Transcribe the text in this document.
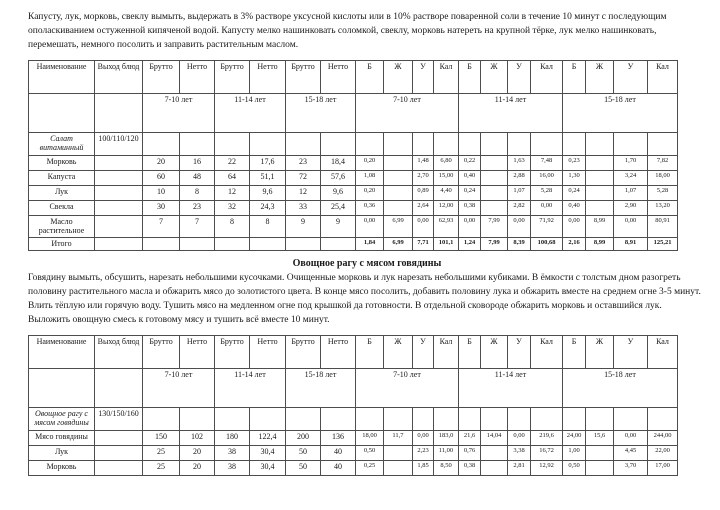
Капусту, лук, морковь, свеклу вымыть, выдержать в 3% растворе уксусной кислоты или в 10% растворе поваренной соли в течение 10 минут с последующим ополаскиванием остуженной кипяченой водой. Капусту мелко нашинковать соломкой, свеклу, морковь натереть на крупной тёрке, лук мелко нашинковать, перемешать, немного посолить и заправить растительным маслом.

Наименование	Выход блюд	Брутто	Нетто	Брутто	Нетто	Брутто	Нетто	Б	Ж	У	Кал	Б	Ж	У	Кал	Б	Ж	У	Кал
		7-10 лет		11-14 лет		15-18 лет		7-10 лет				11-14 лет				15-18 лет			
Салат витаминный	100/110/120																		
Морковь		20	16	22	17,6	23	18,4	0,20		1,48	6,80	0,22		1,63	7,48	0,23		1,70	7,82
Капуста		60	48	64	51,1	72	57,6	1,08		2,70	15,00	0,40		2,88	16,00	1,30		3,24	18,00
Лук		10	8	12	9,6	12	9,6	0,20		0,89	4,40	0,24		1,07	5,28	0,24		1,07	5,28
Свекла		30	23	32	24,3	33	25,4	0,36		2,64	12,00	0,38		2,82	0,00	0,40		2,90	13,20
Масло растительное		7	7	8	8	9	9	0,00	6,99	0,00	62,93	0,00	7,99	0,00	71,92	0,00	8,99	0,00	80,91
Итого								1,84	6,99	7,71	101,1	1,24	7,99	8,39	100,68	2,16	8,99	8,91	125,21
Овощное рагу с мясом говядины

Говядину вымыть, обсушить, нарезать небольшими кусочками. Очищенные морковь и лук нарезать небольшими кубиками. В ёмкости с толстым дном разогреть половину растительного масла и обжарить мясо до золотистого цвета. В конце мясо посолить, добавить половину лука и обжарить вместе на среднем огне 3-5 минут. Влить тёплую или горячую воду. Тушить мясо на медленном огне под крышкой да готовности. В отдельной сковороде обжарить морковь и оставшийся лук. Выложить овощную смесь к готовому мясу и тушить всё вместе 10 минут.

Наименование	Выход блюд	Брутто	Нетто	Брутто	Нетто	Брутто	Нетто	Б	Ж	У	Кал	Б	Ж	У	Кал	Б	Ж	У	Кал
		7-10 лет		11-14 лет		15-18 лет		7-10 лет				11-14 лет				15-18 лет			
Овощное рагу с мясом говядины	130/150/160																		
Мясо говядины		150	102	180	122,4	200	136	18,00	11,7	0,00	183,0	21,6	14,04	0,00	219,6	24,00	15,6	0,00	244,00
Лук		25	20	38	30,4	50	40	0,50		2,23	11,00	0,76		3,38	16,72	1,00		4,45	22,00
Морковь		25	20	38	30,4	50	40	0,25		1,85	8,50	0,38		2,81	12,92	0,50		3,70	17,00
